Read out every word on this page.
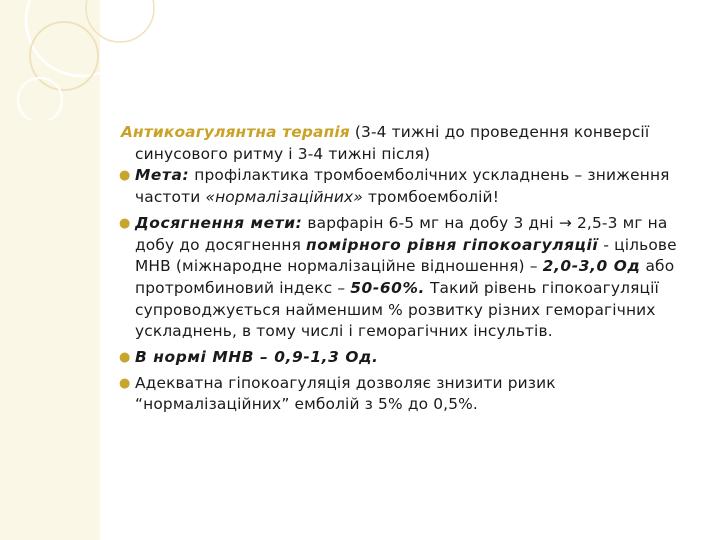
Антикоагулянтна терапія (3-4 тижні до проведення конверсії синусового ритму і 3-4 тижні після)

● Мета: профілактика тромбоемболічних ускладнень – зниження частоти «нормалізаційних» тромбоемболій!
● Досягнення мети: варфарін 6-5 мг на добу 3 дні → 2,5-3 мг на добу до досягнення помірного рівня гіпокоагуляції - цільове МНВ (міжнародне нормалізаційне відношення) – 2,0-3,0 Од або протромбиновий індекс – 50-60%. Такий рівень гіпокоагуляції супроводжується найменшим % розвитку різних геморагічних ускладнень, в тому числі і геморагічних інсультів.
● В нормі МНВ – 0,9-1,3 Од.
● Адекватна гіпокоагуляція дозволяє знизити ризик “нормалізаційних” емболій з 5% до 0,5%.
